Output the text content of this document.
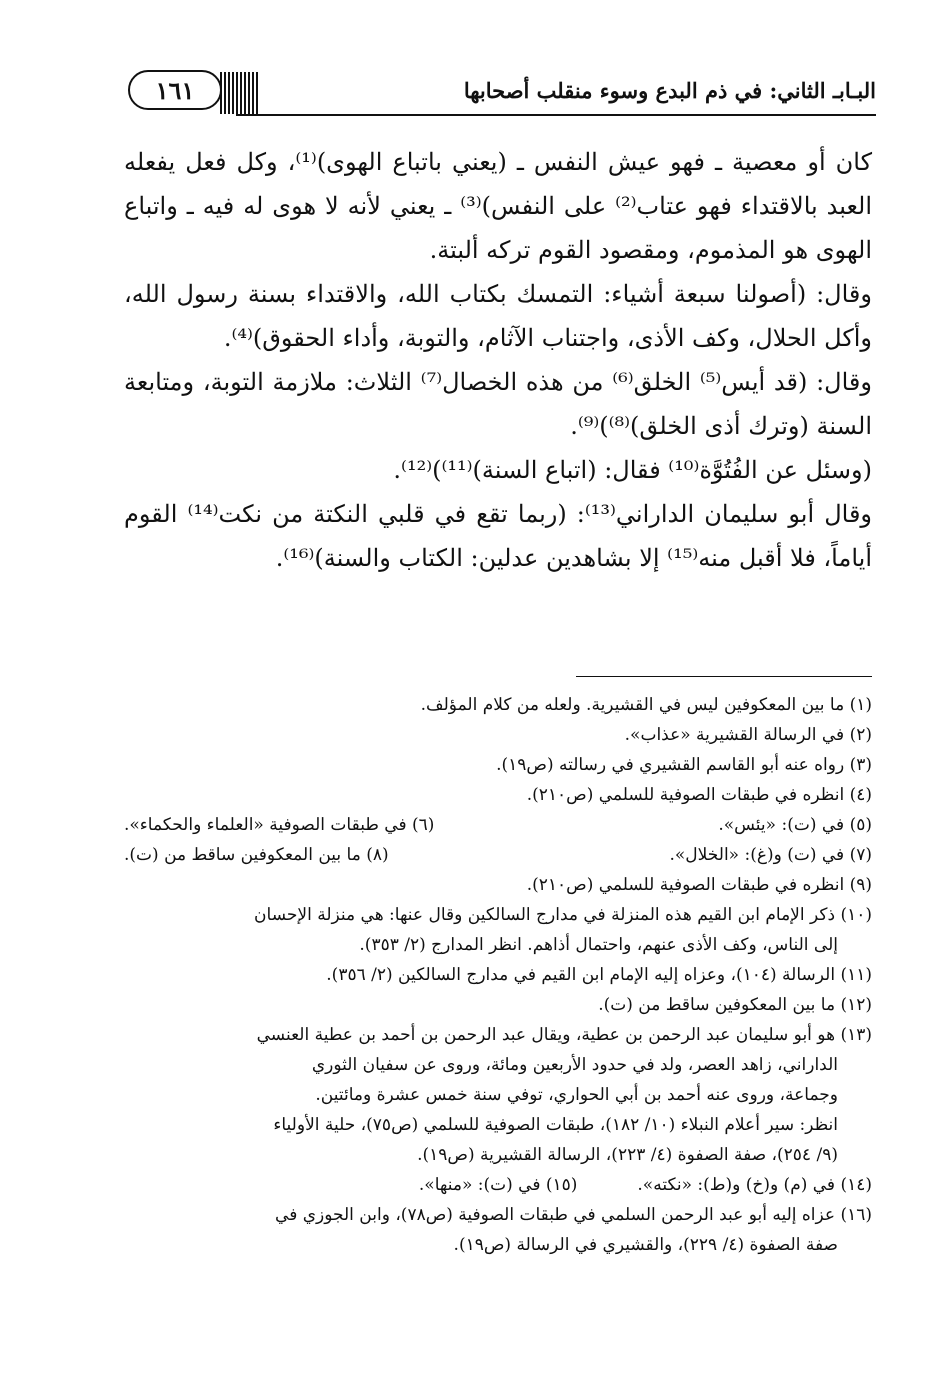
البـابـ الثاني: في ذم البدع وسوء منقلب أصحابها
١٦١

كان أو معصية ـ فهو عيش النفس ـ (يعني باتباع الهوى)⁽¹⁾، وكل فعل يفعله العبد بالاقتداء فهو عتاب⁽²⁾ على النفس)⁽³⁾ ـ يعني لأنه لا هوى له فيه ـ واتباع الهوى هو المذموم، ومقصود القوم تركه ألبتة.

وقال: (أصولنا سبعة أشياء: التمسك بكتاب الله، والاقتداء بسنة رسول الله، وأكل الحلال، وكف الأذى، واجتناب الآثام، والتوبة، وأداء الحقوق)⁽⁴⁾.

وقال: (قد أيس⁽⁵⁾ الخلق⁽⁶⁾ من هذه الخصال⁽⁷⁾ الثلاث: ملازمة التوبة، ومتابعة السنة (وترك أذى الخلق)⁽⁸⁾)⁽⁹⁾.

(وسئل عن الفُتُوَّة⁽¹⁰⁾ فقال: (اتباع السنة)⁽¹¹⁾)⁽¹²⁾.

وقال أبو سليمان الداراني⁽¹³⁾: (ربما تقع في قلبي النكتة من نكت⁽¹⁴⁾ القوم أياماً، فلا أقبل منه⁽¹⁵⁾ إلا بشاهدين عدلين: الكتاب والسنة)⁽¹⁶⁾.

(١) ما بين المعكوفين ليس في القشيرية. ولعله من كلام المؤلف.

(٢) في الرسالة القشيرية «عذاب».

(٣) رواه عنه أبو القاسم القشيري في رسالته (ص١٩).

(٤) انظره في طبقات الصوفية للسلمي (ص٢١٠).

(٥) في (ت): «يئس».
(٦) في طبقات الصوفية «العلماء والحكماء».
(٧) في (ت) و(غ): «الخلال».
(٨) ما بين المعكوفين ساقط من (ت).

(٩) انظره في طبقات الصوفية للسلمي (ص٢١٠).

(١٠) ذكر الإمام ابن القيم هذه المنزلة في مدارج السالكين وقال عنها: هي منزلة الإحسان

إلى الناس، وكف الأذى عنهم، واحتمال أذاهم. انظر المدارج (٢/ ٣٥٣).

(١١) الرسالة (١٠٤)، وعزاه إليه الإمام ابن القيم في مدارج السالكين (٢/ ٣٥٦).

(١٢) ما بين المعكوفين ساقط من (ت).

(١٣) هو أبو سليمان عبد الرحمن بن عطية، ويقال عبد الرحمن بن أحمد بن عطية العنسي

الداراني، زاهد العصر، ولد في حدود الأربعين ومائة، وروى عن سفيان الثوري

وجماعة، وروى عنه أحمد بن أبي الحواري، توفي سنة خمس عشرة ومائتين.

انظر: سير أعلام النبلاء (١٠/ ١٨٢)، طبقات الصوفية للسلمي (ص٧٥)، حلية الأولياء

(٩/ ٢٥٤)، صفة الصفوة (٤/ ٢٢٣)، الرسالة القشيرية (ص١٩).

(١٤) في (م) و(خ) و(ط): «نكته».
(١٥) في (ت): «منها».

(١٦) عزاه إليه أبو عبد الرحمن السلمي في طبقات الصوفية (ص٧٨)، وابن الجوزي في

صفة الصفوة (٤/ ٢٢٩)، والقشيري في الرسالة (ص١٩).
